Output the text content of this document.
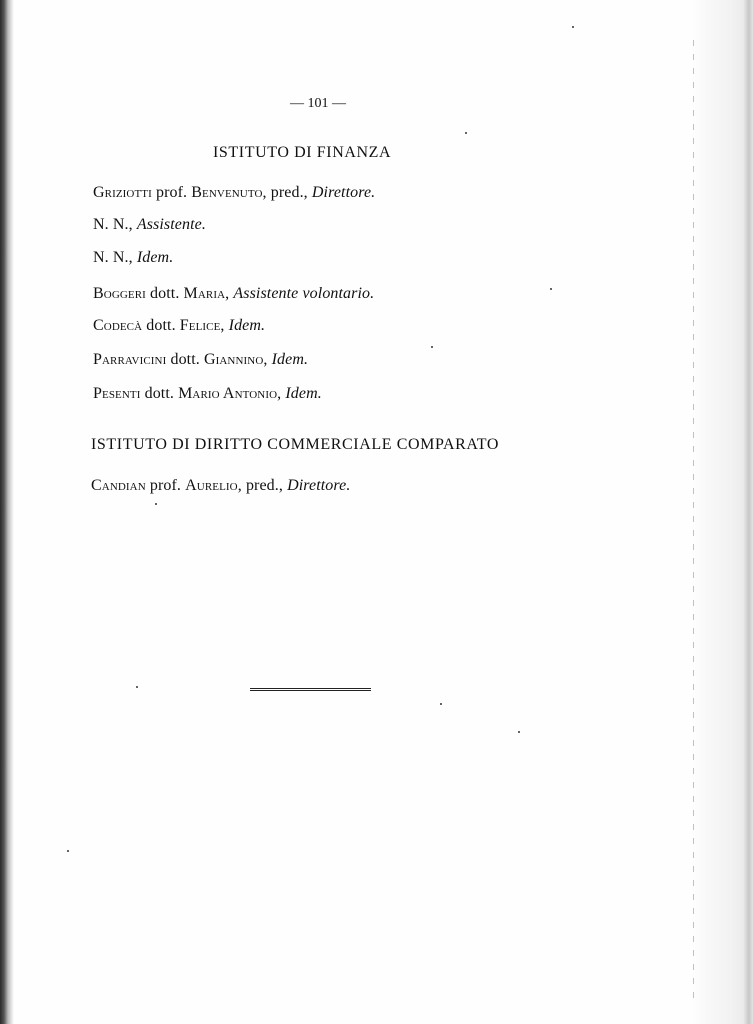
— 101 —
ISTITUTO DI FINANZA
Griziotti prof. Benvenuto, pred., Direttore.
N. N., Assistente.
N. N., Idem.
Boggeri dott. Maria, Assistente volontario.
Codecà dott. Felice, Idem.
Parravicini dott. Giannino, Idem.
Pesenti dott. Mario Antonio, Idem.
ISTITUTO DI DIRITTO COMMERCIALE COMPARATO
Candian prof. Aurelio, pred., Direttore.
